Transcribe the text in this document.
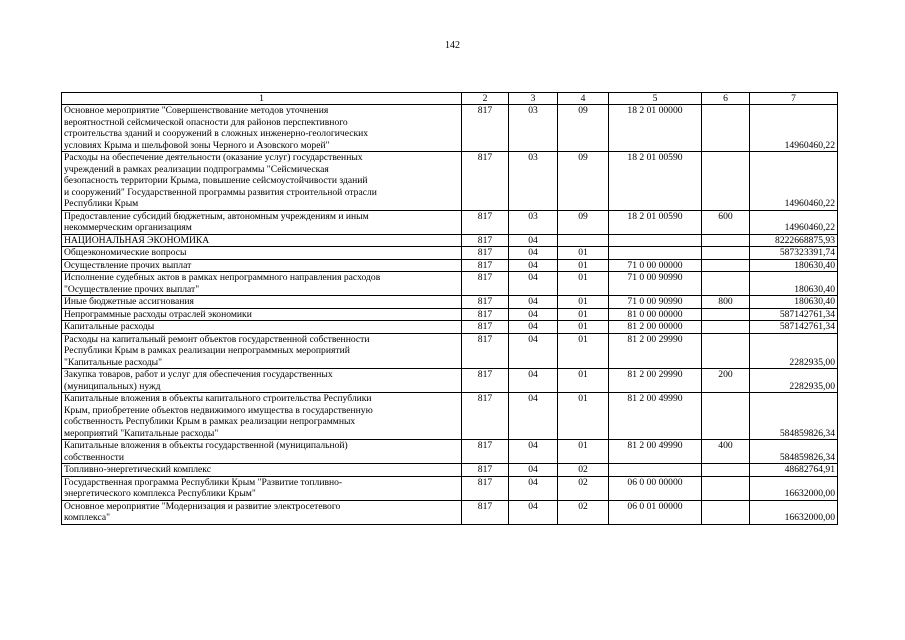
142
1	2	3	4	5	6	7
Основное мероприятие "Совершенствование методов уточнения
вероятностной сейсмической опасности для районов перспективного
строительства зданий и сооружений в сложных инженерно-геологических
условиях Крыма и шельфовой зоны Черного и Азовского морей"	817	03	09	18 2 01 00000		14960460,22
Расходы на обеспечение деятельности (оказание услуг) государственных
учреждений в рамках реализации подпрограммы "Сейсмическая
безопасность территории Крыма, повышение сейсмоустойчивости зданий
и сооружений" Государственной программы развития строительной отрасли
Республики Крым	817	03	09	18 2 01 00590		14960460,22
Предоставление субсидий бюджетным, автономным учреждениям и иным
некоммерческим организациям	817	03	09	18 2 01 00590	600	14960460,22
НАЦИОНАЛЬНАЯ ЭКОНОМИКА	817	04				8222668875,93
Общеэкономические вопросы	817	04	01			587323391,74
Осуществление прочих выплат	817	04	01	71 0 00 00000		180630,40
Исполнение судебных актов в рамках непрограммного направления расходов
"Осуществление прочих выплат"	817	04	01	71 0 00 90990		180630,40
Иные бюджетные ассигнования	817	04	01	71 0 00 90990	800	180630,40
Непрограммные расходы отраслей экономики	817	04	01	81 0 00 00000		587142761,34
Капитальные расходы	817	04	01	81 2 00 00000		587142761,34
Расходы на капитальный ремонт объектов государственной собственности
Республики Крым в рамках реализации непрограммных мероприятий
"Капитальные расходы"	817	04	01	81 2 00 29990		2282935,00
Закупка товаров, работ и услуг для обеспечения государственных
(муниципальных) нужд	817	04	01	81 2 00 29990	200	2282935,00
Капитальные вложения в объекты капитального строительства Республики
Крым, приобретение объектов недвижимого имущества в государственную
собственность Республики Крым в рамках реализации непрограммных
мероприятий "Капитальные расходы"	817	04	01	81 2 00 49990		584859826,34
Капитальные вложения в объекты государственной (муниципальной)
собственности	817	04	01	81 2 00 49990	400	584859826,34
Топливно-энергетический комплекс	817	04	02			48682764,91
Государственная программа Республики Крым "Развитие топливно-
энергетического комплекса Республики Крым"	817	04	02	06 0 00 00000		16632000,00
Основное мероприятие "Модернизация и развитие электросетевого
комплекса"	817	04	02	06 0 01 00000		16632000,00
